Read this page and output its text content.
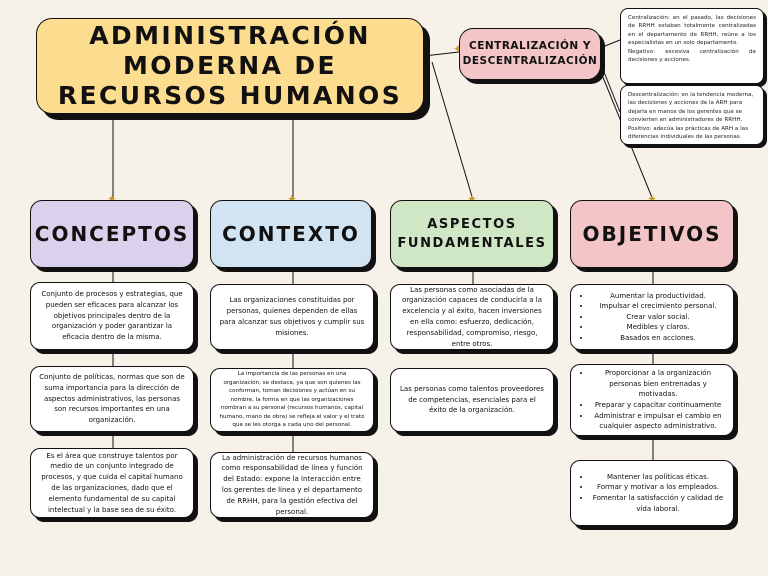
ADMINISTRACIÓN
MODERNA DE
RECURSOS HUMANOS
CENTRALIZACIÓN Y
DESCENTRALIZACIÓN

Centralización: en el pasado, las decisiones de RRHH estaban totalmente centralizadas en el departamento de RRHH, reúne a los especialistas en un solo departamento.

Negativo: excesiva centralización de decisiones y acciones.

Descentralización: en la tendencia moderna, las decisiones y acciones de la ARH para dejarla en manos de los gerentes que se convierten en administradores de RRHH.

Positivo: adecúa las prácticas de ARH a las diferencias individuales de las personas.

CONCEPTOS CONTEXTO	ASPECTOS
FUNDAMENTALES OBJETIVOS
Conjunto de procesos y estrategias, que pueden ser eficaces para alcanzar los objetivos principales dentro de la organización y poder garantizar la eficacia dentro de la misma.
Conjunto de políticas, normas que son de suma importancia para la dirección de aspectos administrativos, las personas son recursos importantes en una organización.
Es el área que construye talentos por medio de un conjunto integrado de procesos, y que cuida el capital humano de las organizaciones, dado que el elemento fundamental de su capital intelectual y la base sea de su éxito.
Las organizaciones constituidas por personas, quienes dependen de ellas para alcanzar sus objetivos y cumplir sus misiones.
La importancia de las personas en una organización, se destaca, ya que son quienes las conforman, toman decisiones y actúan en su nombre, la forma en que las organizaciones nombran a su personal (recursos humanos, capital humano, mano de obra) se refleja el valor y el trato que se les otorga a cada uno del personal.
La administración de recursos humanos como responsabilidad de línea y función del Estado: expone la interacción entre los gerentes de línea y el departamento de RRHH, para la gestión efectiva del personal.
Las personas como asociadas de la organización capaces de conducirla a la excelencia y al éxito, hacen inversiones en ella como: esfuerzo, dedicación, responsabilidad, compromiso, riesgo, entre otros.
Las personas como talentos proveedores de competencias, esenciales para el éxito de la organización.
• Aumentar la productividad.
• Impulsar el crecimiento personal.
• Crear valor social.
• Medibles y claros.
• Basados en acciones.
• Proporcionar a la organización personas bien entrenadas y motivadas.
• Preparar y capacitar continuamente
• Administrar e impulsar el cambio en cualquier aspecto administrativo.
• Mantener las políticas éticas.
• Formar y motivar a los empleados.
• Fomentar la satisfacción y calidad de vida laboral.
